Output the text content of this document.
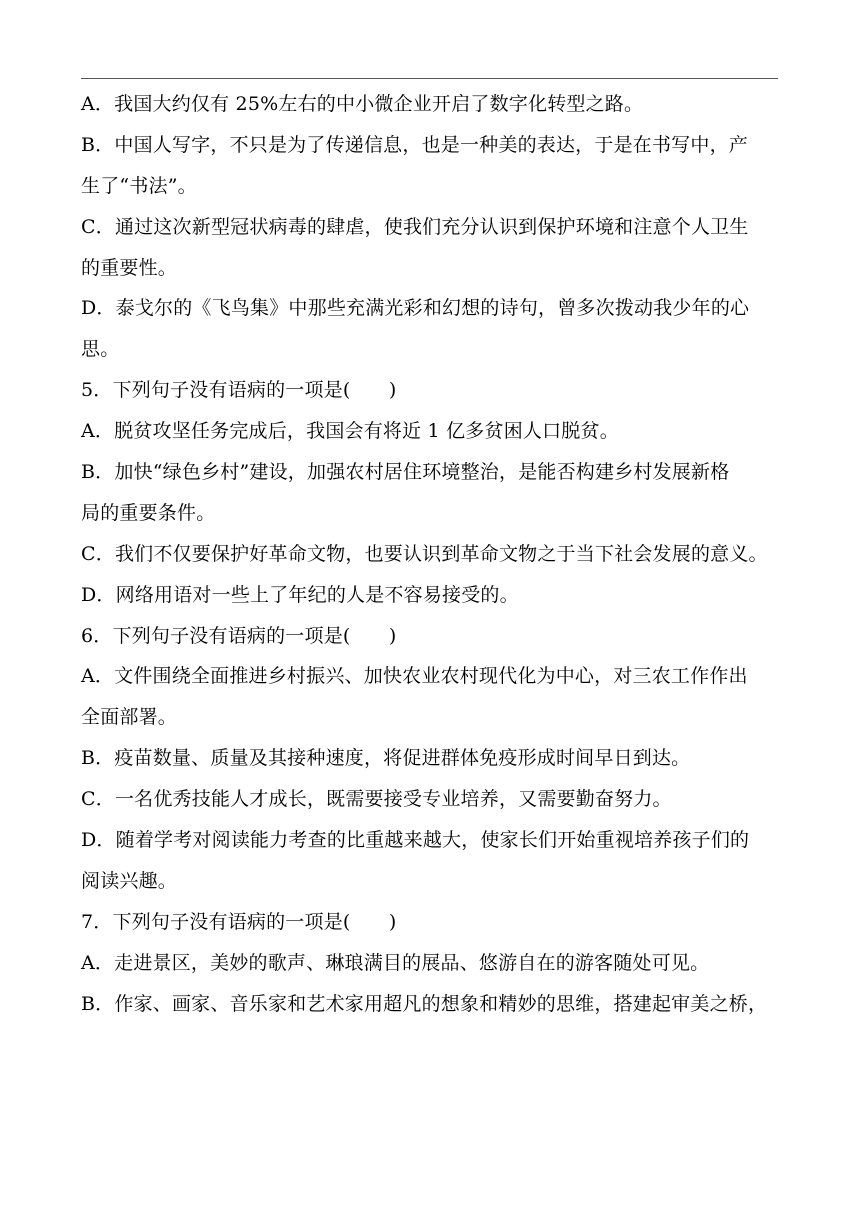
A．我国大约仅有 25%左右的中小微企业开启了数字化转型之路。
B．中国人写字，不只是为了传递信息，也是一种美的表达，于是在书写中，产
生了“书法”。
C．通过这次新型冠状病毒的肆虐，使我们充分认识到保护环境和注意个人卫生
的重要性。
D．泰戈尔的《飞鸟集》中那些充满光彩和幻想的诗句，曾多次拨动我少年的心
思。
5．下列句子没有语病的一项是(　　)
A．脱贫攻坚任务完成后，我国会有将近 1 亿多贫困人口脱贫。
B．加快“绿色乡村”建设，加强农村居住环境整治，是能否构建乡村发展新格
局的重要条件。
C．我们不仅要保护好革命文物，也要认识到革命文物之于当下社会发展的意义。
D．网络用语对一些上了年纪的人是不容易接受的。
6．下列句子没有语病的一项是(　　)
A．文件围绕全面推进乡村振兴、加快农业农村现代化为中心，对三农工作作出
全面部署。
B．疫苗数量、质量及其接种速度，将促进群体免疫形成时间早日到达。
C．一名优秀技能人才成长，既需要接受专业培养，又需要勤奋努力。
D．随着学考对阅读能力考查的比重越来越大，使家长们开始重视培养孩子们的
阅读兴趣。
7．下列句子没有语病的一项是(　　)
A．走进景区，美妙的歌声、琳琅满目的展品、悠游自在的游客随处可见。
B．作家、画家、音乐家和艺术家用超凡的想象和精妙的思维，搭建起审美之桥，
